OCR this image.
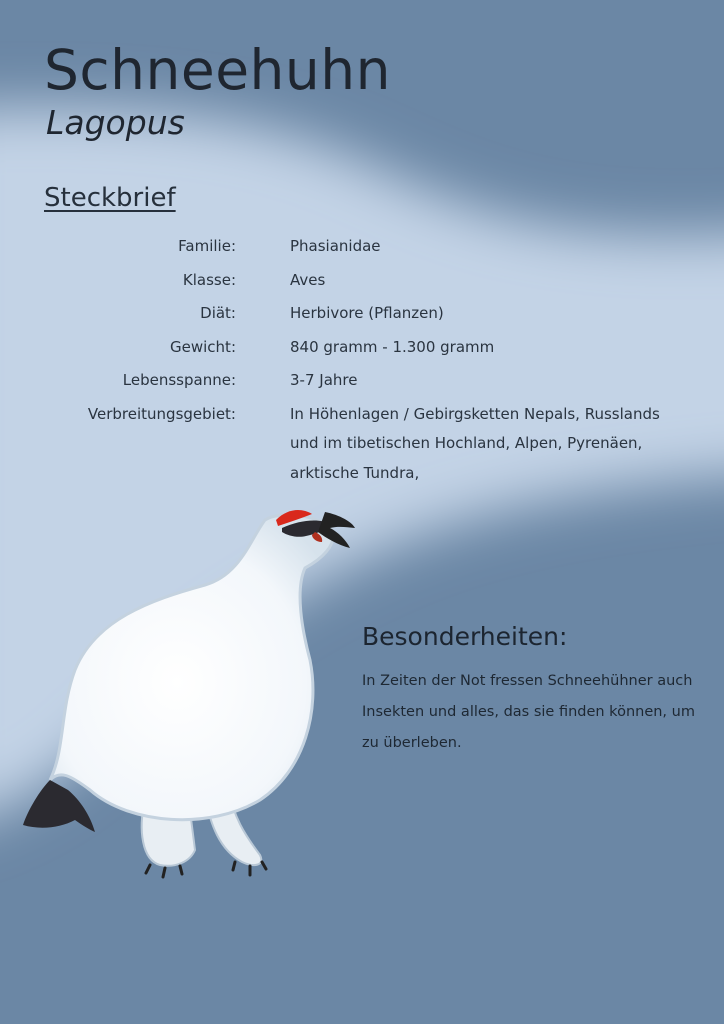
Schneehuhn
Lagopus
Steckbrief
Familie:	Phasianidae
Klasse:	Aves
Diät:	Herbivore (Pflanzen)
Gewicht:	840 gramm - 1.300 gramm
Lebensspanne:	3-7 Jahre
Verbreitungsgebiet:	In Höhenlagen / Gebirgsketten Nepals, Russlands und im tibetischen Hochland, Alpen, Pyrenäen, arktische Tundra,
Besonderheiten:
In Zeiten der Not fressen Schneehühner auch Insekten und alles, das sie finden können, um zu überleben.
